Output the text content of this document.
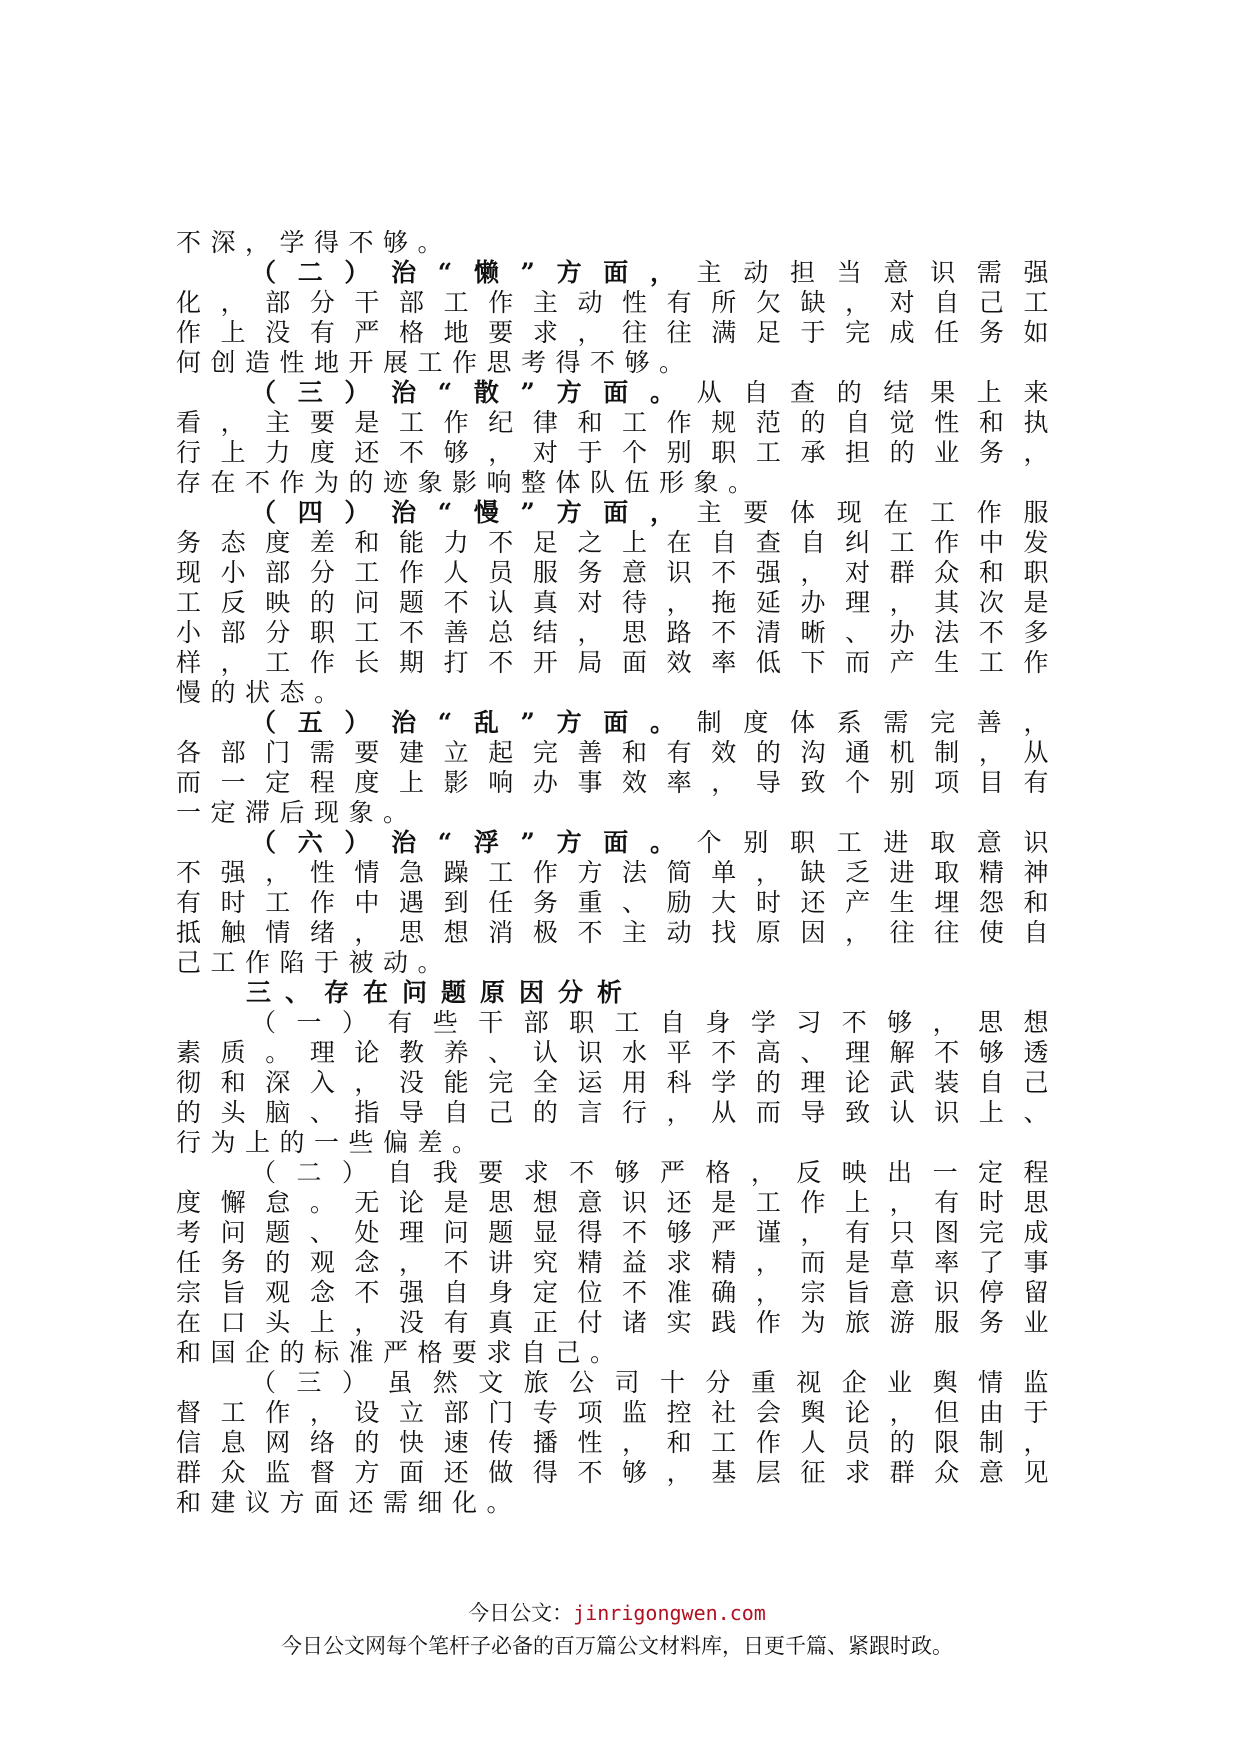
不深，学得不够。
（二）治“懒”方面，主动担当意识需强
化，部分干部工作主动性有所欠缺，对自己工
作上没有严格地要求，往往满足于完成任务如
何创造性地开展工作思考得不够。
（三）治“散”方面。从自查的结果上来
看，主要是工作纪律和工作规范的自觉性和执
行上力度还不够，对于个别职工承担的业务，
存在不作为的迹象影响整体队伍形象。
（四）治“慢”方面，主要体现在工作服
务态度差和能力不足之上在自查自纠工作中发
现小部分工作人员服务意识不强，对群众和职
工反映的问题不认真对待，拖延办理，其次是
小部分职工不善总结，思路不清晰、办法不多
样，工作长期打不开局面效率低下而产生工作
慢的状态。
（五）治“乱”方面。制度体系需完善，
各部门需要建立起完善和有效的沟通机制，从
而一定程度上影响办事效率，导致个别项目有
一定滞后现象。
（六）治“浮”方面。个别职工进取意识
不强，性情急躁工作方法简单，缺乏进取精神
有时工作中遇到任务重、励大时还产生埋怨和
抵触情绪，思想消极不主动找原因，往往使自
己工作陷于被动。
三、存在问题原因分析
（一）有些干部职工自身学习不够，思想
素质。理论教养、认识水平不高、理解不够透
彻和深入，没能完全运用科学的理论武装自己
的头脑、指导自己的言行，从而导致认识上、
行为上的一些偏差。
（二）自我要求不够严格，反映出一定程
度懈怠。无论是思想意识还是工作上，有时思
考问题、处理问题显得不够严谨，有只图完成
任务的观念，不讲究精益求精，而是草率了事
宗旨观念不强自身定位不准确，宗旨意识停留
在口头上，没有真正付诸实践作为旅游服务业
和国企的标准严格要求自己。
（三）虽然文旅公司十分重视企业舆情监
督工作，设立部门专项监控社会舆论，但由于
信息网络的快速传播性，和工作人员的限制，
群众监督方面还做得不够，基层征求群众意见
和建议方面还需细化。
今日公文：jinrigongwen.com
今日公文网每个笔杆子必备的百万篇公文材料库，日更千篇、紧跟时政。
